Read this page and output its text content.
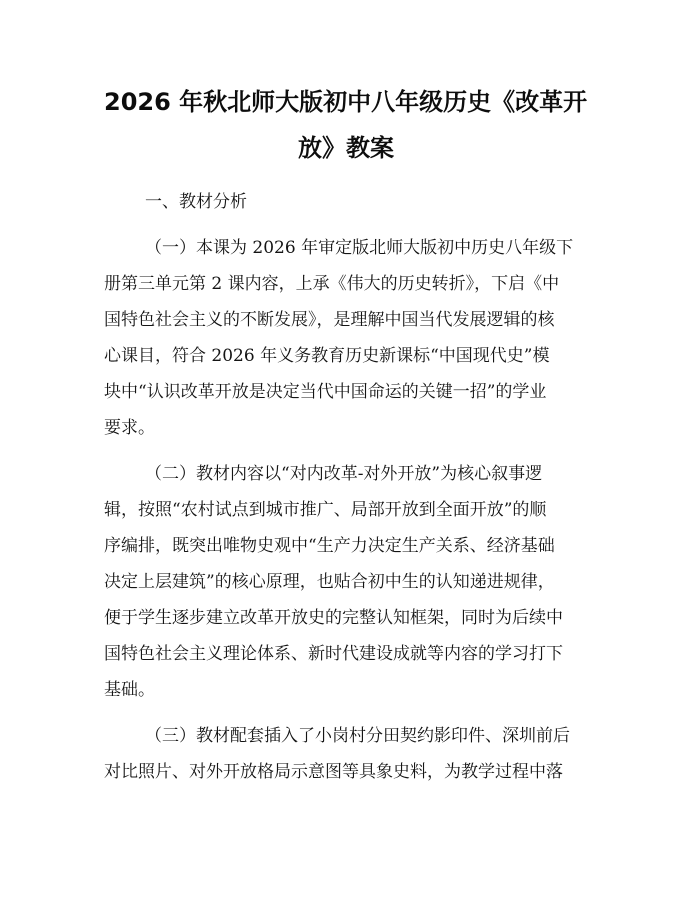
2026 年秋北师大版初中八年级历史《改革开
放》教案
一、教材分析
（一）本课为 2026 年审定版北师大版初中历史八年级下
册第三单元第 2 课内容，上承《伟大的历史转折》，下启《中
国特色社会主义的不断发展》，是理解中国当代发展逻辑的核
心课目，符合 2026 年义务教育历史新课标“中国现代史”模
块中“认识改革开放是决定当代中国命运的关键一招”的学业
要求。
（二）教材内容以“对内改革-对外开放”为核心叙事逻
辑，按照“农村试点到城市推广、局部开放到全面开放”的顺
序编排，既突出唯物史观中“生产力决定生产关系、经济基础
决定上层建筑”的核心原理，也贴合初中生的认知递进规律，
便于学生逐步建立改革开放史的完整认知框架，同时为后续中
国特色社会主义理论体系、新时代建设成就等内容的学习打下
基础。
（三）教材配套插入了小岗村分田契约影印件、深圳前后
对比照片、对外开放格局示意图等具象史料，为教学过程中落
